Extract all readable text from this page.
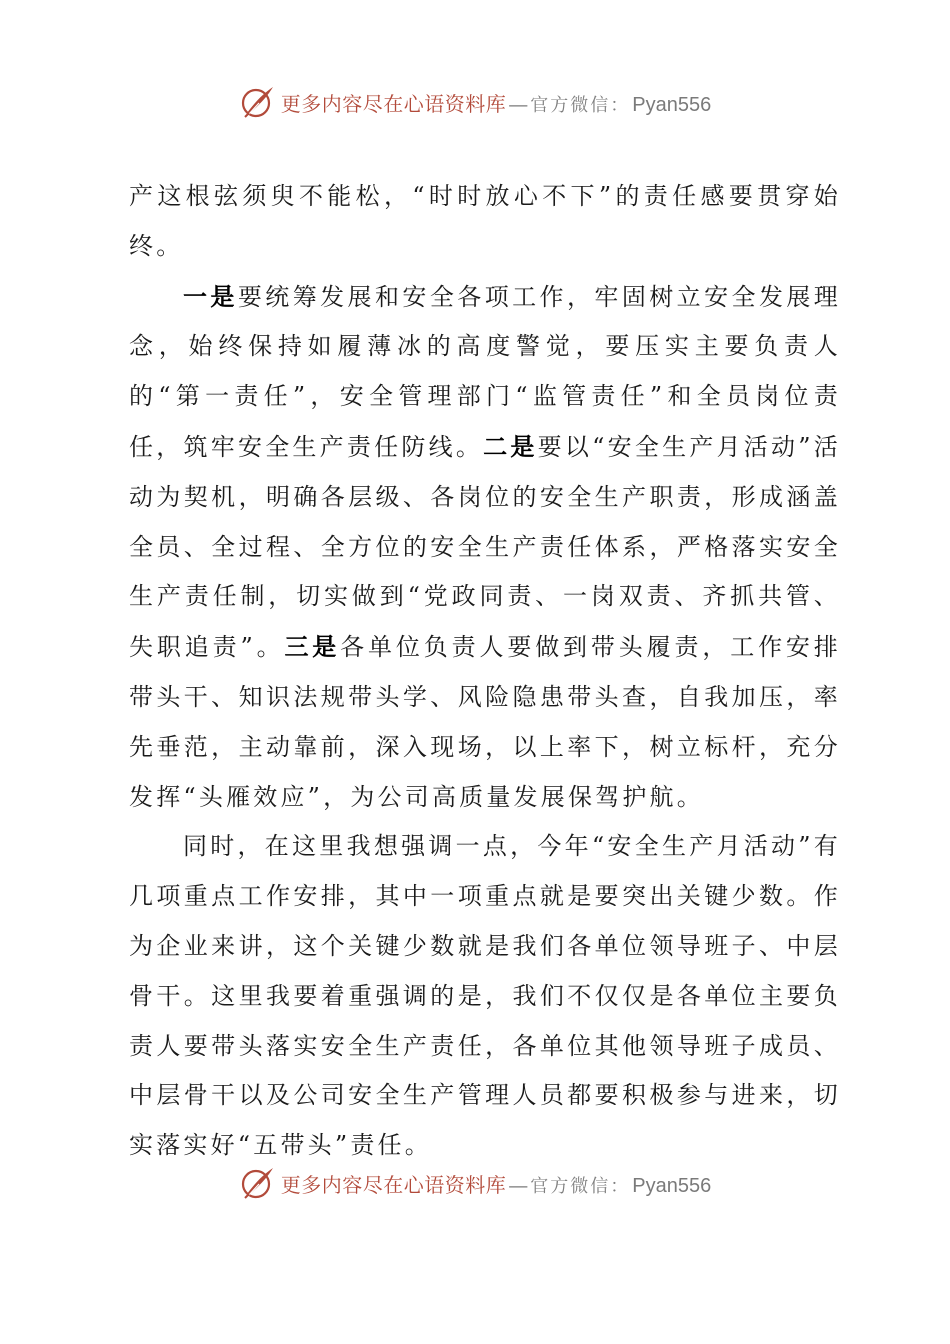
更多内容尽在心语资料库 — 官方微信： Pyan556

产这根弦须臾不能松，“时时放心不下”的责任感要贯穿始终。

一是要统筹发展和安全各项工作，牢固树立安全发展理念，始终保持如履薄冰的高度警觉，要压实主要负责人的“第一责任”，安全管理部门“监管责任”和全员岗位责任，筑牢安全生产责任防线。二是要以“安全生产月活动”活动为契机，明确各层级、各岗位的安全生产职责，形成涵盖全员、全过程、全方位的安全生产责任体系，严格落实安全生产责任制，切实做到“党政同责、一岗双责、齐抓共管、失职追责”。三是各单位负责人要做到带头履责，工作安排带头干、知识法规带头学、风险隐患带头查，自我加压，率先垂范，主动靠前，深入现场，以上率下，树立标杆，充分发挥“头雁效应”，为公司高质量发展保驾护航。

同时，在这里我想强调一点，今年“安全生产月活动”有几项重点工作安排，其中一项重点就是要突出关键少数。作为企业来讲，这个关键少数就是我们各单位领导班子、中层骨干。这里我要着重强调的是，我们不仅仅是各单位主要负责人要带头落实安全生产责任，各单位其他领导班子成员、中层骨干以及公司安全生产管理人员都要积极参与进来，切实落实好“五带头”责任。

更多内容尽在心语资料库 — 官方微信： Pyan556
